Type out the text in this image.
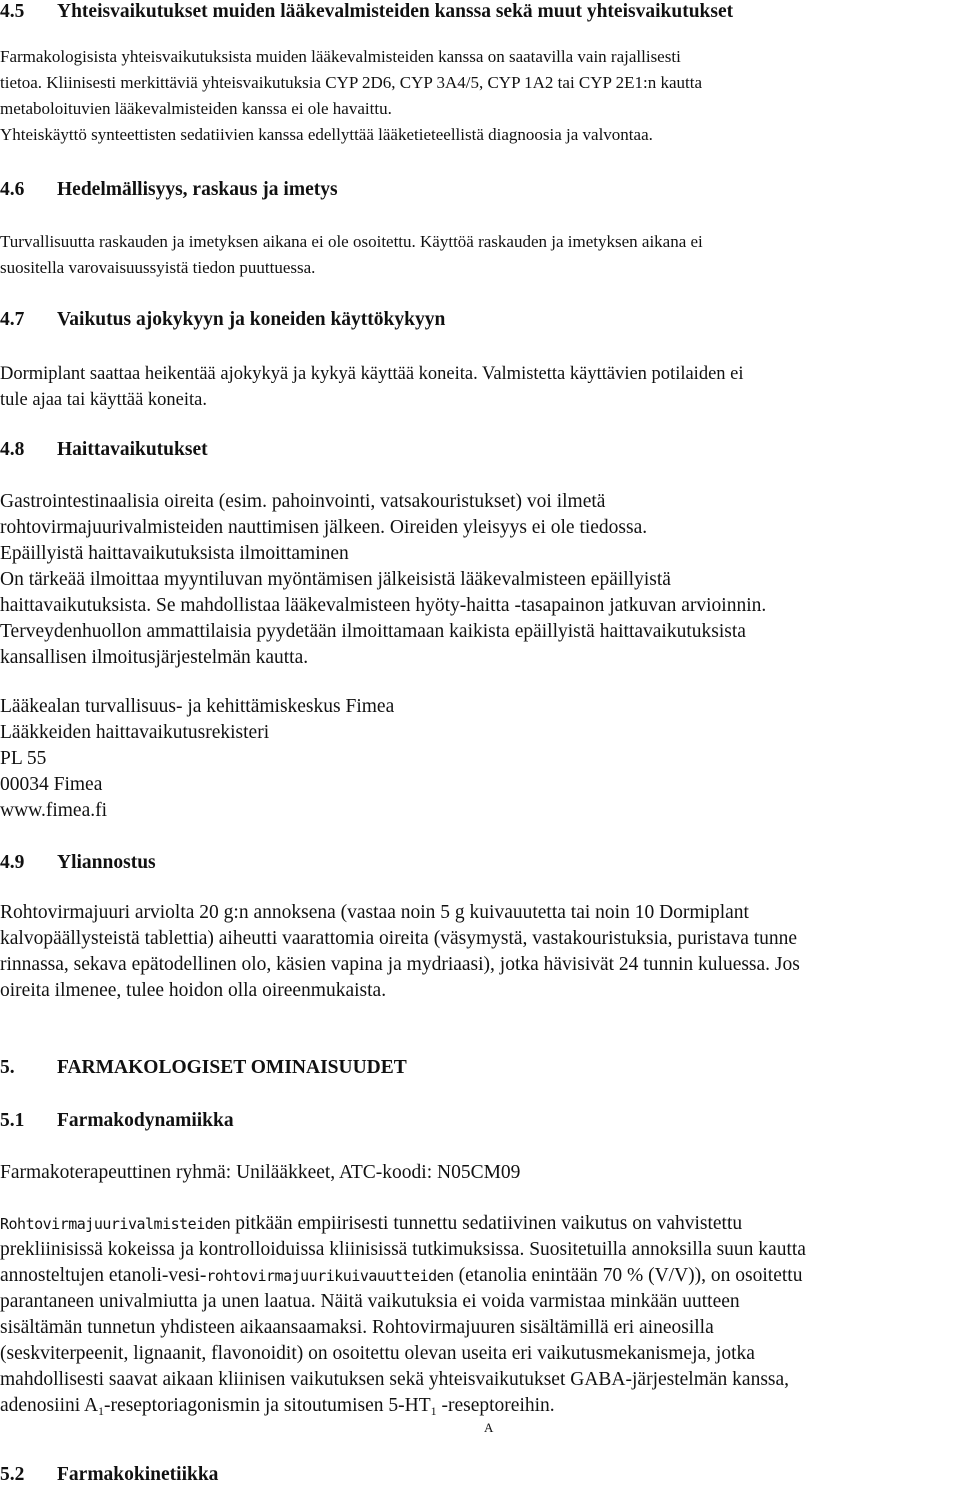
4.5 Yhteisvaikutukset muiden lääkevalmisteiden kanssa sekä muut yhteisvaikutukset
Farmakologisista yhteisvaikutuksista muiden lääkevalmisteiden kanssa on saatavilla vain rajallisesti
tietoa. Kliinisesti merkittäviä yhteisvaikutuksia CYP 2D6, CYP 3A4/5, CYP 1A2 tai CYP 2E1:n kautta
metaboloituvien lääkevalmisteiden kanssa ei ole havaittu.
Yhteiskäyttö synteettisten sedatiivien kanssa edellyttää lääketieteellistä diagnoosia ja valvontaa.
4.6 Hedelmällisyys, raskaus ja imetys
Turvallisuutta raskauden ja imetyksen aikana ei ole osoitettu. Käyttöä raskauden ja imetyksen aikana ei
suositella varovaisuussyistä tiedon puuttuessa.
4.7 Vaikutus ajokykyyn ja koneiden käyttökykyyn
Dormiplant saattaa heikentää ajokykyä ja kykyä käyttää koneita. Valmistetta käyttävien potilaiden ei
tule ajaa tai käyttää koneita.
4.8 Haittavaikutukset
Gastrointestinaalisia oireita (esim. pahoinvointi, vatsakouristukset) voi ilmetä
rohtovirmajuurivalmisteiden nauttimisen jälkeen. Oireiden yleisyys ei ole tiedossa.
Epäillyistä haittavaikutuksista ilmoittaminen
On tärkeää ilmoittaa myyntiluvan myöntämisen jälkeisistä lääkevalmisteen epäillyistä
haittavaikutuksista. Se mahdollistaa lääkevalmisteen hyöty-haitta -tasapainon jatkuvan arvioinnin.
Terveydenhuollon ammattilaisia pyydetään ilmoittamaan kaikista epäillyistä haittavaikutuksista
kansallisen ilmoitusjärjestelmän kautta.
Lääkealan turvallisuus- ja kehittämiskeskus Fimea
Lääkkeiden haittavaikutusrekisteri
PL 55
00034 Fimea
www.fimea.fi
4.9 Yliannostus
Rohtovirmajuuri arviolta 20 g:n annoksena (vastaa noin 5 g kuivauutetta tai noin 10 Dormiplant
kalvopäällysteistä tablettia) aiheutti vaarattomia oireita (väsymystä, vastakouristuksia, puristava tunne
rinnassa, sekava epätodellinen olo, käsien vapina ja mydriaasi), jotka hävisivät 24 tunnin kuluessa. Jos
oireita ilmenee, tulee hoidon olla oireenmukaista.
5. FARMAKOLOGISET OMINAISUUDET
5.1 Farmakodynamiikka
Farmakoterapeuttinen ryhmä: Unilääkkeet, ATC-koodi: N05CM09
Rohtovirmajuurivalmisteiden pitkään empiirisesti tunnettu sedatiivinen vaikutus on vahvistettu
prekliinisissä kokeissa ja kontrolloiduissa kliinisissä tutkimuksissa. Suositetuilla annoksilla suun kautta
annosteltujen etanoli-vesi-rohtovirmajuurikuivauutteiden (etanolia enintään 70 % (V/V)), on osoitettu
parantaneen univalmiutta ja unen laatua. Näitä vaikutuksia ei voida varmistaa minkään uutteen
sisältämän tunnetun yhdisteen aikaansaamaksi. Rohtovirmajuuren sisältämillä eri aineosilla
(seskviterpeenit, lignaanit, flavonoidit) on osoitettu olevan useita eri vaikutusmekanismeja, jotka
mahdollisesti saavat aikaan kliinisen vaikutuksen sekä yhteisvaikutukset GABA-järjestelmän kanssa,
adenosiini $A_1$-reseptoriagonismin ja sitoutumisen $5-HT_1$ -reseptoreihin.
A
5.2 Farmakokinetiikka
